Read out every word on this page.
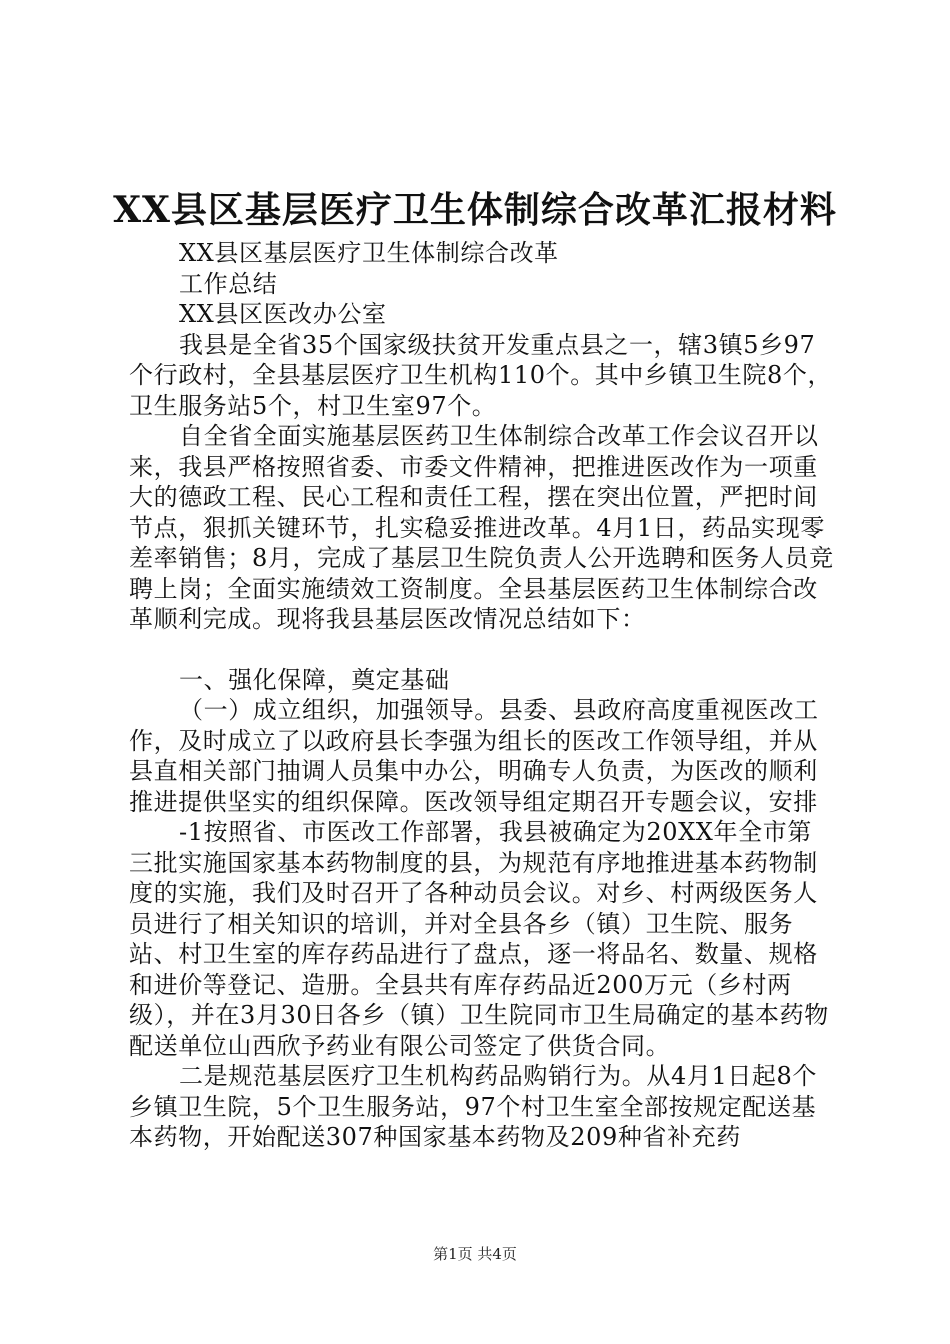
XX县区基层医疗卫生体制综合改革汇报材料

XX县区基层医疗卫生体制综合改革

工作总结

XX县区医改办公室

我县是全省35个国家级扶贫开发重点县之一，辖3镇5乡97个行政村，全县基层医疗卫生机构110个。其中乡镇卫生院8个，卫生服务站5个，村卫生室97个。

自全省全面实施基层医药卫生体制综合改革工作会议召开以来，我县严格按照省委、市委文件精神，把推进医改作为一项重大的德政工程、民心工程和责任工程，摆在突出位置，严把时间节点，狠抓关键环节，扎实稳妥推进改革。4月1日，药品实现零差率销售；8月，完成了基层卫生院负责人公开选聘和医务人员竞聘上岗；全面实施绩效工资制度。全县基层医药卫生体制综合改革顺利完成。现将我县基层医改情况总结如下：

一、强化保障，奠定基础

（一）成立组织，加强领导。县委、县政府高度重视医改工作，及时成立了以政府县长李强为组长的医改工作领导组，并从县直相关部门抽调人员集中办公，明确专人负责，为医改的顺利推进提供坚实的组织保障。医改领导组定期召开专题会议，安排

-1按照省、市医改工作部署，我县被确定为20XX年全市第三批实施国家基本药物制度的县，为规范有序地推进基本药物制度的实施，我们及时召开了各种动员会议。对乡、村两级医务人员进行了相关知识的培训，并对全县各乡（镇）卫生院、服务站、村卫生室的库存药品进行了盘点，逐一将品名、数量、规格和进价等登记、造册。全县共有库存药品近200万元（乡村两级），并在3月30日各乡（镇）卫生院同市卫生局确定的基本药物配送单位山西欣予药业有限公司签定了供货合同。

二是规范基层医疗卫生机构药品购销行为。从4月1日起8个乡镇卫生院，5个卫生服务站，97个村卫生室全部按规定配送基本药物，开始配送307种国家基本药物及209种省补充药

第1页 共4页
